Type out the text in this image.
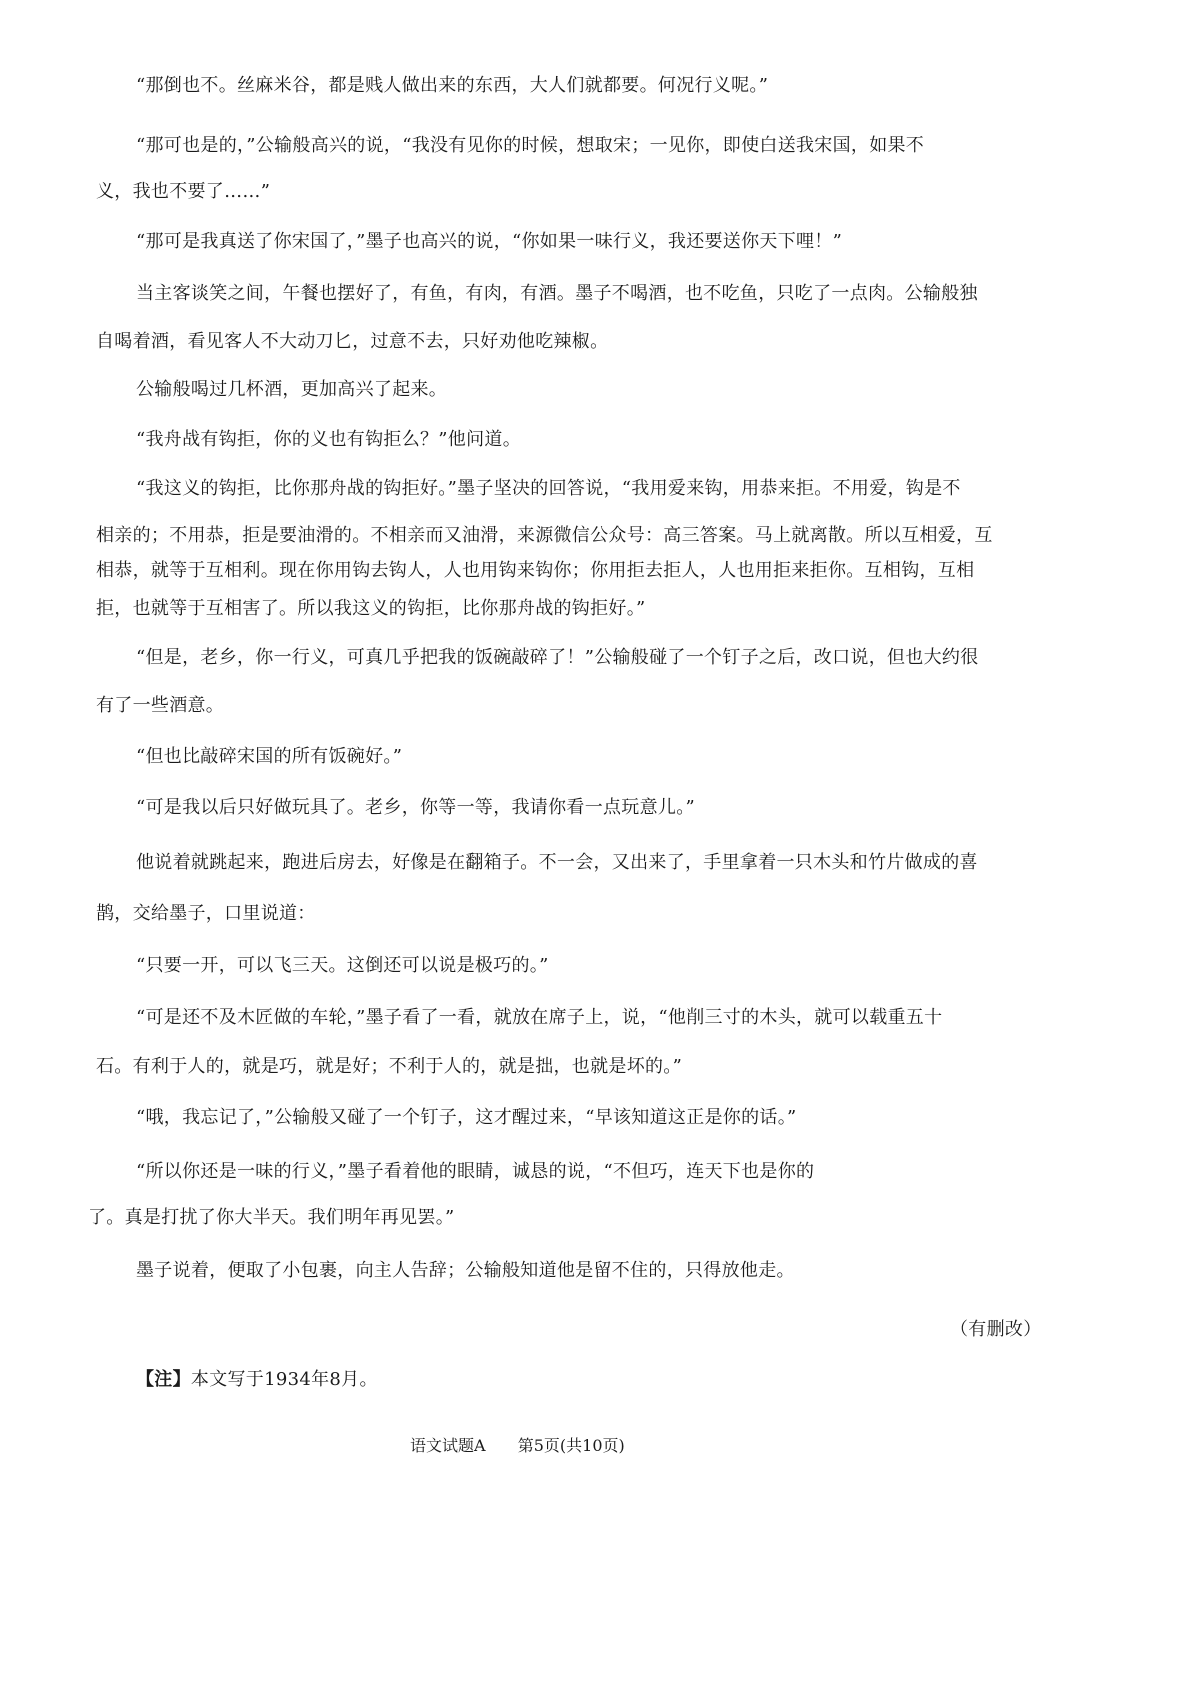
“那倒也不。丝麻米谷，都是贱人做出来的东西，大人们就都要。何况行义呢。”
“那可也是的，”公输般高兴的说，“我没有见你的时候，想取宋；一见你，即使白送我宋国，如果不
义，我也不要了……”
“那可是我真送了你宋国了，”墨子也高兴的说，“你如果一味行义，我还要送你天下哩！”
当主客谈笑之间，午餐也摆好了，有鱼，有肉，有酒。墨子不喝酒，也不吃鱼，只吃了一点肉。公输般独
自喝着酒，看见客人不大动刀匕，过意不去，只好劝他吃辣椒。
公输般喝过几杯酒，更加高兴了起来。
“我舟战有钩拒，你的义也有钩拒么？”他问道。
“我这义的钩拒，比你那舟战的钩拒好。”墨子坚决的回答说，“我用爱来钩，用恭来拒。不用爱，钩是不
相亲的；不用恭，拒是要油滑的。不相亲而又油滑，来源微信公众号：高三答案。马上就离散。所以互相爱，互
相恭，就等于互相利。现在你用钩去钩人，人也用钩来钩你；你用拒去拒人，人也用拒来拒你。互相钩，互相
拒，也就等于互相害了。所以我这义的钩拒，比你那舟战的钩拒好。”
“但是，老乡，你一行义，可真几乎把我的饭碗敲碎了！”公输般碰了一个钉子之后，改口说，但也大约很
有了一些酒意。
“但也比敲碎宋国的所有饭碗好。”
“可是我以后只好做玩具了。老乡，你等一等，我请你看一点玩意儿。”
他说着就跳起来，跑进后房去，好像是在翻箱子。不一会，又出来了，手里拿着一只木头和竹片做成的喜
鹊，交给墨子，口里说道：
“只要一开，可以飞三天。这倒还可以说是极巧的。”
“可是还不及木匠做的车轮，”墨子看了一看，就放在席子上，说，“他削三寸的木头，就可以载重五十
石。有利于人的，就是巧，就是好；不利于人的，就是拙，也就是坏的。”
“哦，我忘记了，”公输般又碰了一个钉子，这才醒过来，“早该知道这正是你的话。”
“所以你还是一味的行义，”墨子看着他的眼睛，诚恳的说，“不但巧，连天下也是你的
了。真是打扰了你大半天。我们明年再见罢。”
墨子说着，便取了小包裹，向主人告辞；公输般知道他是留不住的，只得放他走。
（有删改）
【注】本文写于1934年8月。
语文试题A 第5页(共10页)
